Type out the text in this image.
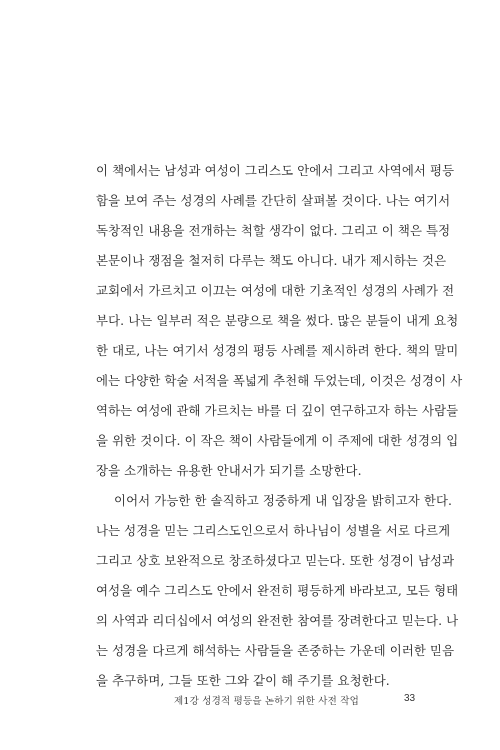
이 책에서는 남성과 여성이 그리스도 안에서 그리고 사역에서 평등
함을 보여 주는 성경의 사례를 간단히 살펴볼 것이다. 나는 여기서
독창적인 내용을 전개하는 척할 생각이 없다. 그리고 이 책은 특정
본문이나 쟁점을 철저히 다루는 책도 아니다. 내가 제시하는 것은
교회에서 가르치고 이끄는 여성에 대한 기초적인 성경의 사례가 전
부다. 나는 일부러 적은 분량으로 책을 썼다. 많은 분들이 내게 요청
한 대로, 나는 여기서 성경의 평등 사례를 제시하려 한다. 책의 말미
에는 다양한 학술 서적을 폭넓게 추천해 두었는데, 이것은 성경이 사
역하는 여성에 관해 가르치는 바를 더 깊이 연구하고자 하는 사람들
을 위한 것이다. 이 작은 책이 사람들에게 이 주제에 대한 성경의 입
장을 소개하는 유용한 안내서가 되기를 소망한다.
이어서 가능한 한 솔직하고 정중하게 내 입장을 밝히고자 한다.
나는 성경을 믿는 그리스도인으로서 하나님이 성별을 서로 다르게
그리고 상호 보완적으로 창조하셨다고 믿는다. 또한 성경이 남성과
여성을 예수 그리스도 안에서 완전히 평등하게 바라보고, 모든 형태
의 사역과 리더십에서 여성의 완전한 참여를 장려한다고 믿는다. 나
는 성경을 다르게 해석하는 사람들을 존중하는 가운데 이러한 믿음
을 추구하며, 그들 또한 그와 같이 해 주기를 요청한다.
제1강 성경적 평등을 논하기 위한 사전 작업	33
